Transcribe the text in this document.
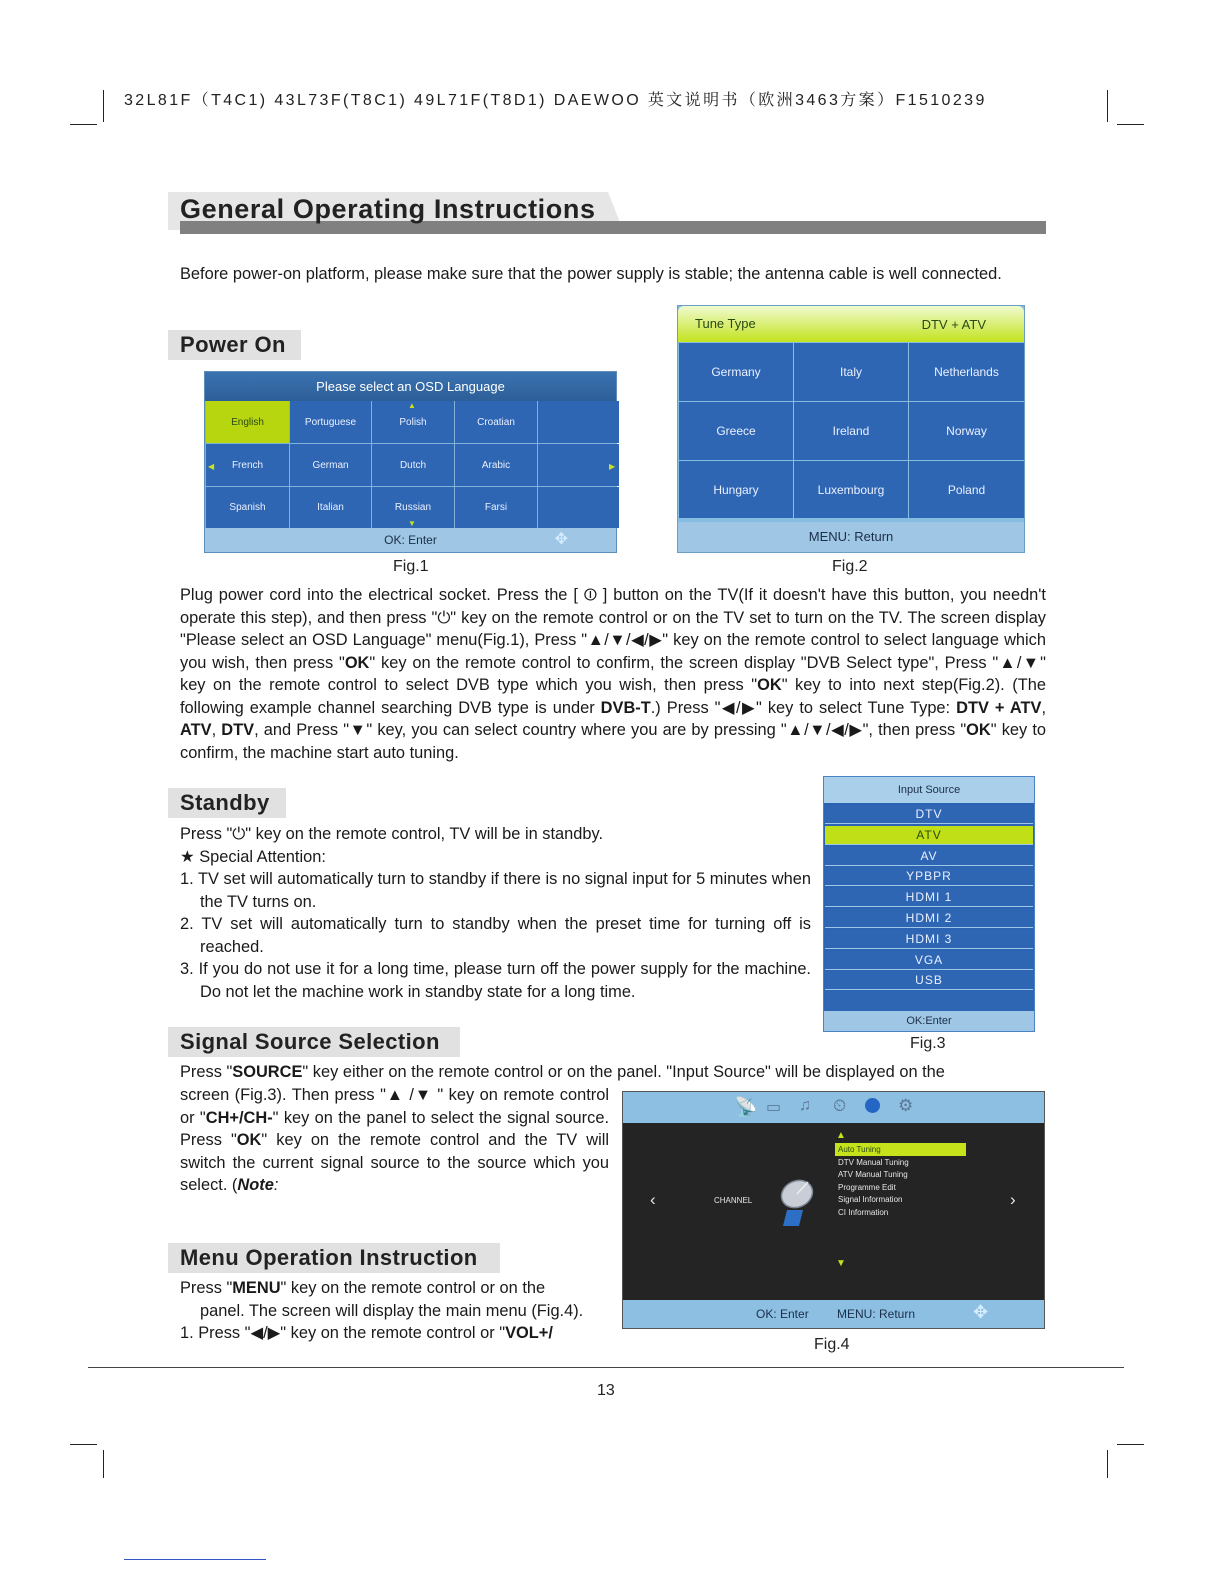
32L81F（T4C1) 43L73F(T8C1) 49L71F(T8D1) DAEWOO 英文说明书（欧洲3463方案）F1510239
General Operating Instructions
Before power-on platform, please make sure that the power supply is stable; the antenna cable is well connected.
Power On
Please select an OSD Language
English	Portuguese	Polish	Croatian
French	German	Dutch	Arabic
Spanish	Italian	Russian	Farsi
▲
▼
◀	▶
OK: Enter	✥
Fig.1
Tune Type	DTV + ATV
Germany	Italy	Netherlands
Greece	Ireland	Norway
Hungary	Luxembourg	Poland
MENU: Return
Fig.2
Plug power cord into the electrical socket. Press the [ ⏼ ] button on the TV(If it doesn't have this button, you needn't operate this step), and then press "⏻" key on the remote control or on the TV set to turn on the TV. The screen display "Please select an OSD Language" menu(Fig.1), Press "▲/▼/◀/▶" key on the remote control to select language which you wish, then press "OK" key on the remote control to confirm, the screen display "DVB Select type", Press "▲/▼" key on the remote control to select DVB type which you wish, then press "OK" key to into next step(Fig.2). (The following example channel searching DVB type is under DVB-T.) Press "◀/▶" key to select Tune Type: DTV + ATV, ATV, DTV, and Press "▼" key, you can select country where you are by pressing "▲/▼/◀/▶", then press "OK" key to confirm, the machine start auto tuning.
Standby

Press "⏻" key on the remote control, TV will be in standby.

★ Special Attention:

1. TV set will automatically turn to standby if there is no signal input for 5 minutes when the TV turns on.

2. TV set will automatically turn to standby when the preset time for turning off is reached.

3. If you do not use it for a long time, please turn off the power supply for the machine. Do not let the machine work in standby state for a long time.

Input Source
OK:Enter
DTV
ATV
AV
YPBPR
HDMI 1
HDMI 2
HDMI 3
VGA
USB
Fig.3
Signal Source Selection
Press "SOURCE" key either on the remote control or on the panel. "Input Source" will be displayed on the
screen (Fig.3). Then press "▲ /▼ " key on remote control or "CH+/CH-" key on the panel to select the signal source. Press "OK" key on the remote control and the TV will switch the current signal source to the source which you select. (Note:
📡 ▭ ♫ ⏲	⚙
‹	›
CHANNEL
▲
▼
OK: Enter MENU: Return	✥
Auto Tuning
DTV Manual Tuning
ATV Manual Tuning
Programme Edit
Signal Information
CI Information
Fig.4
Menu Operation Instruction
Press "MENU" key on the remote control or on the
panel. The screen will display the main menu (Fig.4).
1. Press "◀/▶" key on the remote control or "VOL+/
13
